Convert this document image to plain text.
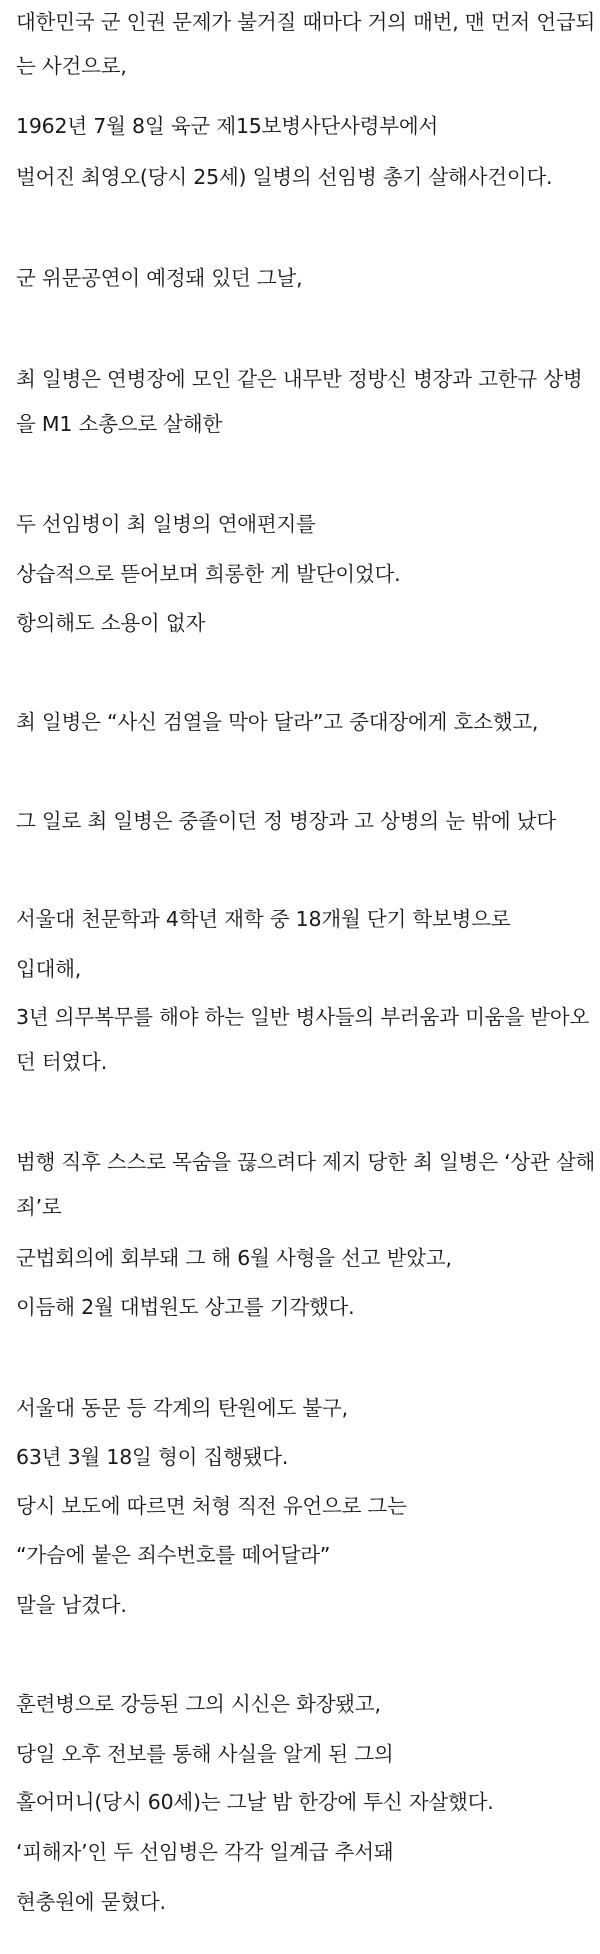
대한민국 군 인권 문제가 불거질 때마다 거의 매번, 맨 먼저 언급되
는 사건으로,
1962년 7월 8일 육군 제15보병사단사령부에서
벌어진 최영오(당시 25세) 일병의 선임병 총기 살해사건이다.
군 위문공연이 예정돼 있던 그날,
최 일병은 연병장에 모인 같은 내무반 정방신 병장과 고한규 상병
을 M1 소총으로 살해한
두 선임병이 최 일병의 연애편지를
상습적으로 뜯어보며 희롱한 게 발단이었다.
항의해도 소용이 없자
최 일병은 “사신 검열을 막아 달라”고 중대장에게 호소했고,
그 일로 최 일병은 중졸이던 정 병장과 고 상병의 눈 밖에 났다
서울대 천문학과 4학년 재학 중 18개월 단기 학보병으로
입대해,
3년 의무복무를 해야 하는 일반 병사들의 부러움과 미움을 받아오
던 터였다.
범행 직후 스스로 목숨을 끊으려다 제지 당한 최 일병은 ‘상관 살해
죄’로
군법회의에 회부돼 그 해 6월 사형을 선고 받았고,
이듬해 2월 대법원도 상고를 기각했다.
서울대 동문 등 각계의 탄원에도 불구,
63년 3월 18일 형이 집행됐다.
당시 보도에 따르면 처형 직전 유언으로 그는
“가슴에 붙은 죄수번호를 떼어달라”
말을 남겼다.
훈련병으로 강등된 그의 시신은 화장됐고,
당일 오후 전보를 통해 사실을 알게 된 그의
홀어머니(당시 60세)는 그날 밤 한강에 투신 자살했다.
‘피해자’인 두 선임병은 각각 일계급 추서돼
현충원에 묻혔다.
